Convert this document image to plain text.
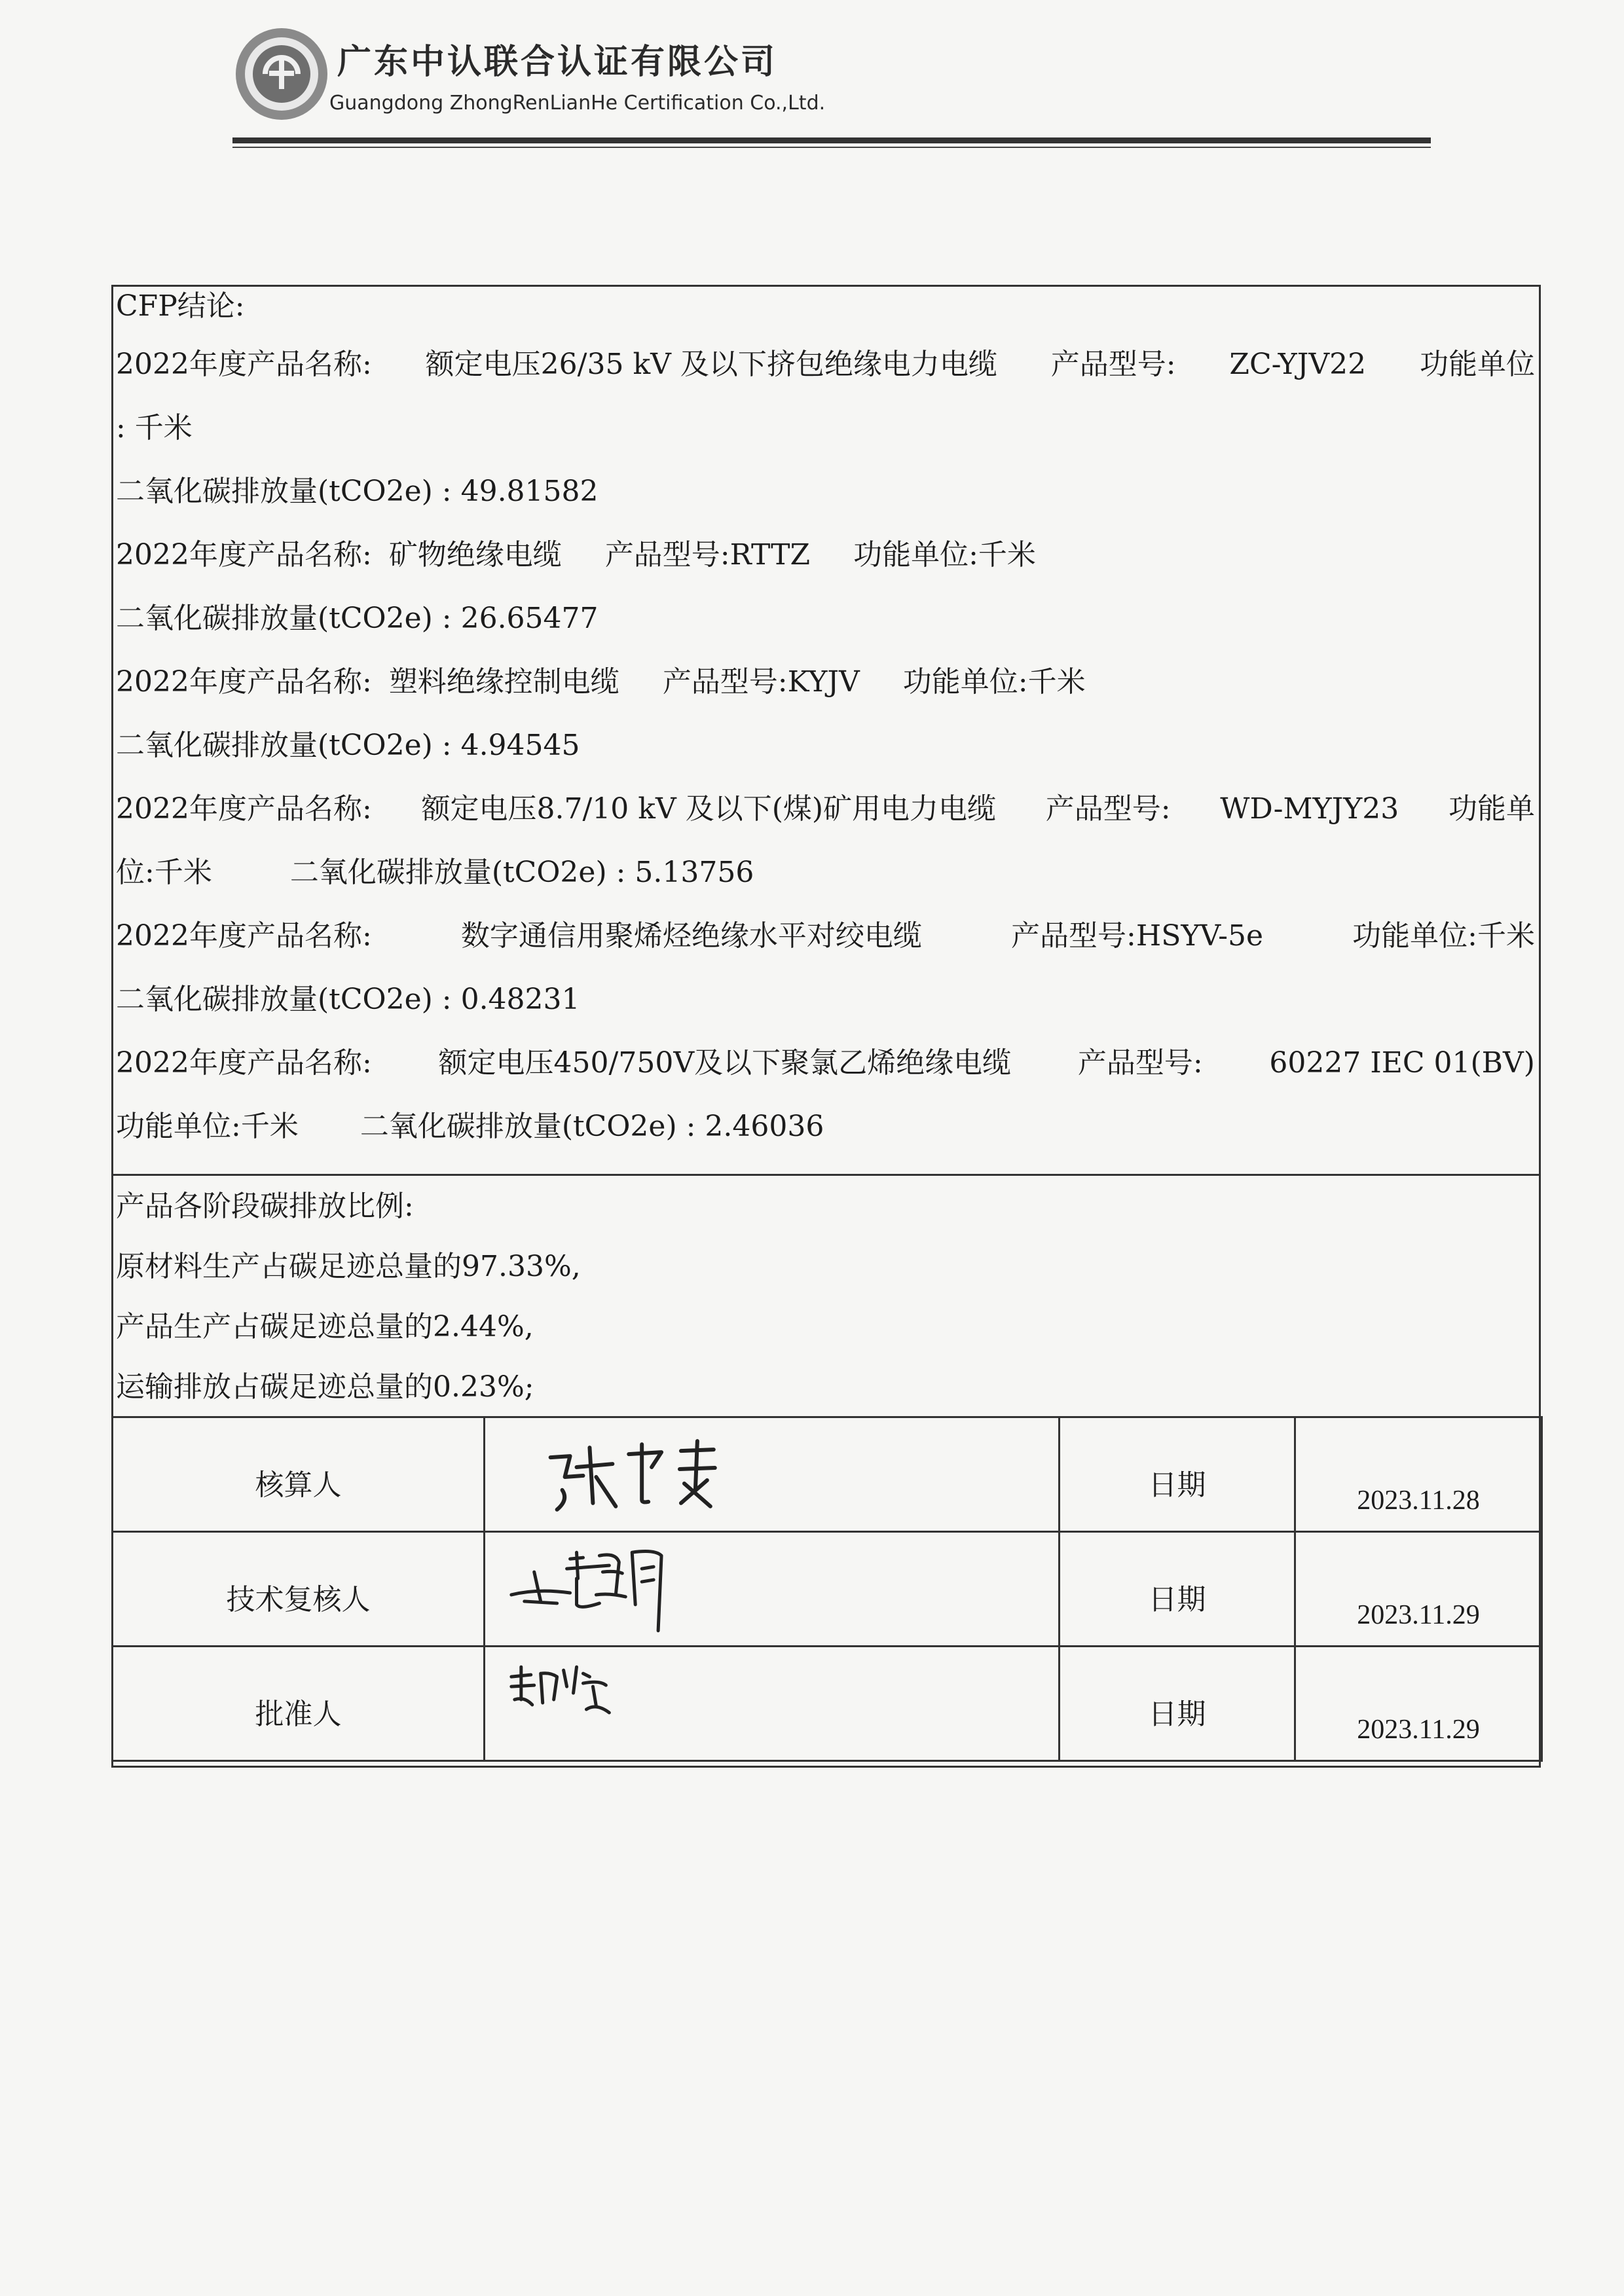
广东中认联合认证有限公司
Guangdong ZhongRenLianHe Certification Co.,Ltd.
CFP结论:
2022年度产品名称: 额定电压26/35 kV 及以下挤包绝缘电力电缆 产品型号: ZC-YJV22 功能单位
: 千米
二氧化碳排放量(tCO2e) : 49.81582
2022年度产品名称: 矿物绝缘电缆 产品型号:RTTZ 功能单位:千米
二氧化碳排放量(tCO2e) : 26.65477
2022年度产品名称: 塑料绝缘控制电缆 产品型号:KYJV 功能单位:千米
二氧化碳排放量(tCO2e) : 4.94545
2022年度产品名称: 额定电压8.7/10 kV 及以下(煤)矿用电力电缆 产品型号: WD-MYJY23 功能单
位:千米	二氧化碳排放量(tCO2e) : 5.13756
2022年度产品名称:	数字通信用聚烯烃绝缘水平对绞电缆	产品型号:HSYV-5e	功能单位:千米
二氧化碳排放量(tCO2e) : 0.48231
2022年度产品名称: 额定电压450/750V及以下聚氯乙烯绝缘电缆 产品型号: 60227 IEC 01(BV)
功能单位:千米 二氧化碳排放量(tCO2e) : 2.46036
产品各阶段碳排放比例:
原材料生产占碳足迹总量的97.33%,
产品生产占碳足迹总量的2.44%,
运输排放占碳足迹总量的0.23%;
核算人		日期	2023.11.28
技术复核人		日期	2023.11.29
批准人		日期	2023.11.29
